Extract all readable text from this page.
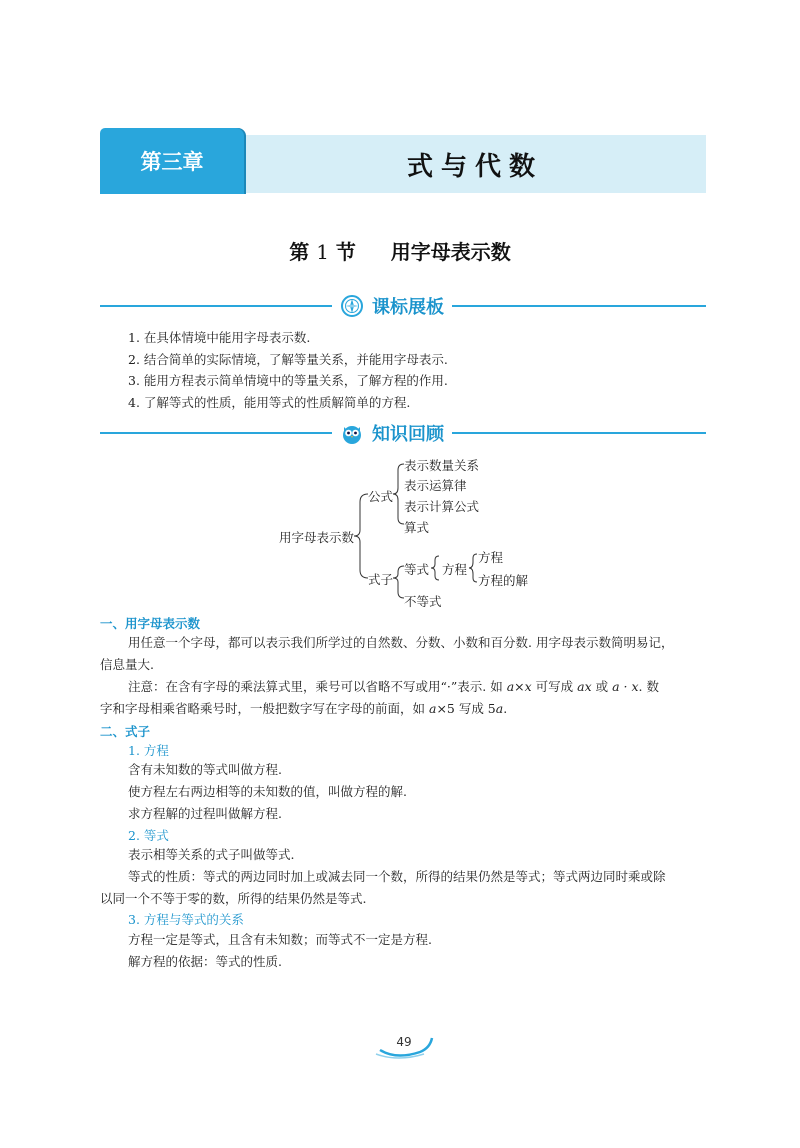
第三章	式与代数
第 1 节 用字母表示数
课标展板
1. 在具体情境中能用字母表示数.
2. 结合简单的实际情境，了解等量关系，并能用字母表示.
3. 能用方程表示简单情境中的等量关系，了解方程的作用.
4. 了解等式的性质，能用等式的性质解简单的方程.
知识回顾
用字母表示数
公式
表示数量关系
表示运算律
表示计算公式
算式
式子
等式 方程
方程
方程的解
不等式
一、用字母表示数
用任意一个字母，都可以表示我们所学过的自然数、分数、小数和百分数. 用字母表示数简明易记，
信息量大.
注意：在含有字母的乘法算式里，乘号可以省略不写或用“·”表示. 如 a×x 可写成 ax 或 a · x. 数
字和字母相乘省略乘号时，一般把数字写在字母的前面，如 a×5 写成 5a.
二、式子
1. 方程
含有未知数的等式叫做方程.
使方程左右两边相等的未知数的值，叫做方程的解.
求方程解的过程叫做解方程.
2. 等式
表示相等关系的式子叫做等式.
等式的性质：等式的两边同时加上或减去同一个数，所得的结果仍然是等式；等式两边同时乘或除
以同一个不等于零的数，所得的结果仍然是等式.
3. 方程与等式的关系
方程一定是等式，且含有未知数；而等式不一定是方程.
解方程的依据：等式的性质.
49
